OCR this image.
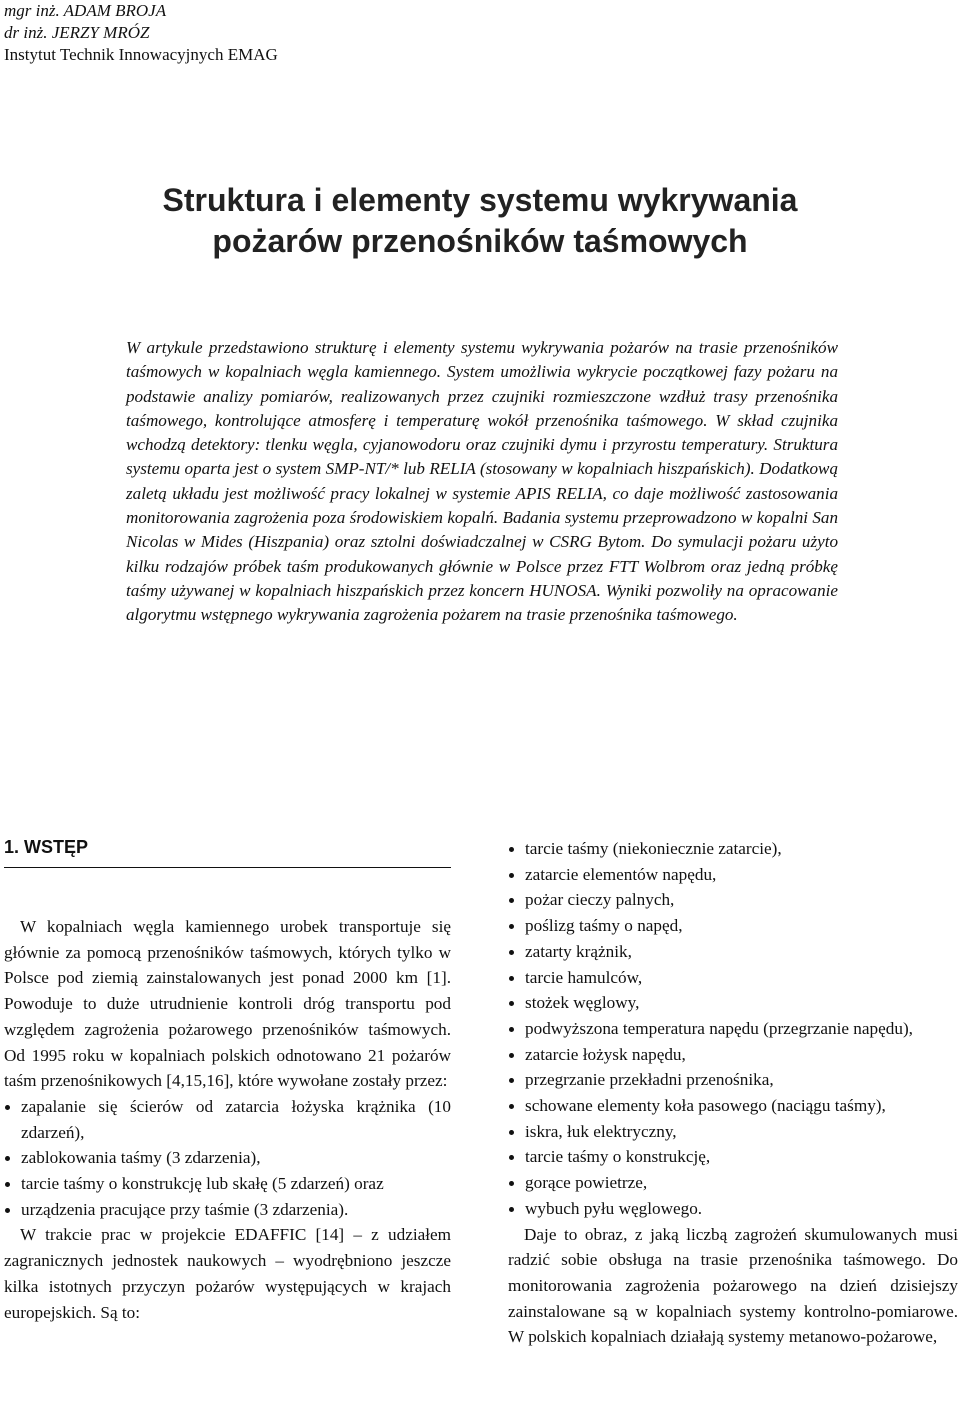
mgr inż. ADAM BROJA
dr inż. JERZY MRÓZ
Instytut Technik Innowacyjnych EMAG
Struktura i elementy systemu wykrywania
pożarów przenośników taśmowych

W artykule przedstawiono strukturę i elementy systemu wykrywania pożarów na trasie przenośników taśmowych w kopalniach węgla kamiennego. System umożliwia wykrycie początkowej fazy pożaru na podstawie analizy pomiarów, realizowanych przez czujniki rozmieszczone wzdłuż trasy przenośnika taśmowego, kontrolujące atmosferę i temperaturę wokół przenośnika taśmowego. W skład czujnika wchodzą detektory: tlenku węgla, cyjanowodoru oraz czujniki dymu i przyrostu temperatury. Struktura systemu oparta jest o system SMP-NT/* lub RELIA (stosowany w kopalniach hiszpańskich). Dodatkową zaletą układu jest możliwość pracy lokalnej w systemie APIS RELIA, co daje możliwość zastosowania monitorowania zagrożenia poza środowiskiem kopalń. Badania systemu przeprowadzono w kopalni San Nicolas w Mides (Hiszpania) oraz sztolni doświadczalnej w CSRG Bytom. Do symulacji pożaru użyto kilku rodzajów próbek taśm produkowanych głównie w Polsce przez FTT Wolbrom oraz jedną próbkę taśmy używanej w kopalniach hiszpańskich przez koncern HUNOSA. Wyniki pozwoliły na opracowanie algorytmu wstępnego wykrywania zagrożenia pożarem na trasie przenośnika taśmowego.

1. WSTĘP

W kopalniach węgla kamiennego urobek transportuje się głównie za pomocą przenośników taśmowych, których tylko w Polsce pod ziemią zainstalowanych jest ponad 2000 km [1]. Powoduje to duże utrudnienie kontroli dróg transportu pod względem zagrożenia pożarowego przenośników taśmowych. Od 1995 roku w kopalniach polskich odnotowano 21 pożarów taśm przenośnikowych [4,15,16], które wywołane zostały przez:

zapalanie się ścierów od zatarcia łożyska krążnika (10 zdarzeń),
zablokowania taśmy (3 zdarzenia),
tarcie taśmy o konstrukcję lub skałę (5 zdarzeń) oraz
urządzenia pracujące przy taśmie (3 zdarzenia).

W trakcie prac w projekcie EDAFFIC [14] – z udziałem zagranicznych jednostek naukowych – wyodrębniono jeszcze kilka istotnych przyczyn pożarów występujących w krajach europejskich. Są to:

tarcie taśmy (niekoniecznie zatarcie),
zatarcie elementów napędu,
pożar cieczy palnych,
poślizg taśmy o napęd,
zatarty krążnik,
tarcie hamulców,
stożek węglowy,
podwyższona temperatura napędu (przegrzanie napędu),
zatarcie łożysk napędu,
przegrzanie przekładni przenośnika,
schowane elementy koła pasowego (naciągu taśmy),
iskra, łuk elektryczny,
tarcie taśmy o konstrukcję,
gorące powietrze,
wybuch pyłu węglowego.

Daje to obraz, z jaką liczbą zagrożeń skumulowanych musi radzić sobie obsługa na trasie przenośnika taśmowego. Do monitorowania zagrożenia pożarowego na dzień dzisiejszy zainstalowane są w kopalniach systemy kontrolno-pomiarowe. W polskich kopalniach działają systemy metanowo-pożarowe,
